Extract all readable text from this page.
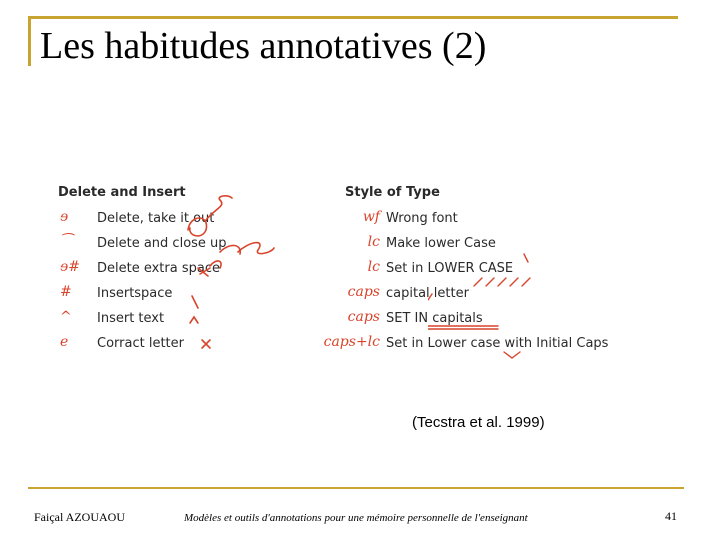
Les habitudes annotatives (2)
Delete and Insert
ɘ	Delete, take it out
⁀	Delete and close up
ɘ#	Delete extra space
#	Insertspace
^	Insert text
e	Corract letter
Style of Type
wf Wrong font
lc Make lower Case
lc Set in LOWER CASE
caps capital letter
caps SET IN capitals
caps+lc Set in Lower case with Initial Caps
(Tecstra et al. 1999)
Faiçal AZOUAOU	Modèles et outils d'annotations pour une mémoire personnelle de l'enseignant	41
